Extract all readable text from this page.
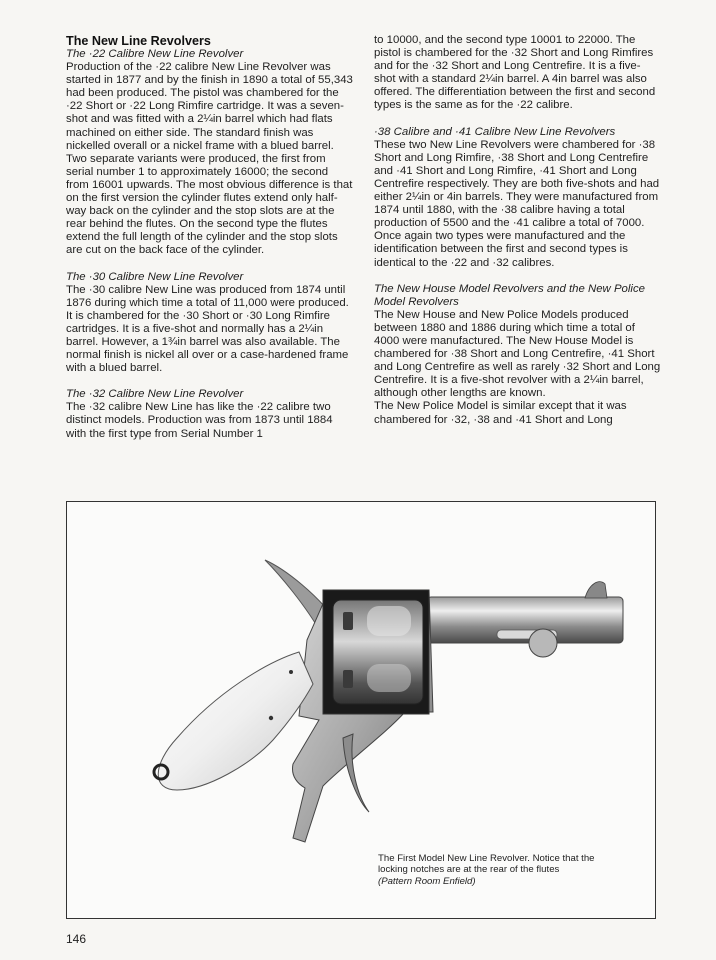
The New Line Revolvers

The ·22 Calibre New Line Revolver

Production of the ·22 calibre New Line Revolver was started in 1877 and by the finish in 1890 a total of 55,343 had been produced. The pistol was chambered for the ·22 Short or ·22 Long Rimfire cartridge. It was a seven-shot and was fitted with a 2¼in barrel which had flats machined on either side. The standard finish was nickelled overall or a nickel frame with a blued barrel. Two separate variants were produced, the first from serial number 1 to approximately 16000; the second from 16001 upwards. The most obvious difference is that on the first version the cylinder flutes extend only half-way back on the cylinder and the stop slots are at the rear behind the flutes. On the second type the flutes extend the full length of the cylinder and the stop slots are cut on the back face of the cylinder.

The ·30 Calibre New Line Revolver

The ·30 calibre New Line was produced from 1874 until 1876 during which time a total of 11,000 were produced. It is chambered for the ·30 Short or ·30 Long Rimfire cartridges. It is a five-shot and normally has a 2¼in barrel. However, a 1¾in barrel was also available. The normal finish is nickel all over or a case-hardened frame with a blued barrel.

The ·32 Calibre New Line Revolver

The ·32 calibre New Line has like the ·22 calibre two distinct models. Production was from 1873 until 1884 with the first type from Serial Number 1

to 10000, and the second type 10001 to 22000. The pistol is chambered for the ·32 Short and Long Rimfires and for the ·32 Short and Long Centrefire. It is a five-shot with a standard 2¼in barrel. A 4in barrel was also offered. The differentiation between the first and second types is the same as for the ·22 calibre.

·38 Calibre and ·41 Calibre New Line Revolvers

These two New Line Revolvers were chambered for ·38 Short and Long Rimfire, ·38 Short and Long Centrefire and ·41 Short and Long Rimfire, ·41 Short and Long Centrefire respectively. They are both five-shots and had either 2¼in or 4in barrels. They were manufactured from 1874 until 1880, with the ·38 calibre having a total production of 5500 and the ·41 calibre a total of 7000. Once again two types were manufactured and the identification between the first and second types is identical to the ·22 and ·32 calibres.

The New House Model Revolvers and the New Police Model Revolvers

The New House and New Police Models produced between 1880 and 1886 during which time a total of 4000 were manufactured. The New House Model is chambered for ·38 Short and Long Centrefire, ·41 Short and Long Centrefire as well as rarely ·32 Short and Long Centrefire. It is a five-shot revolver with a 2¼in barrel, although other lengths are known.

The New Police Model is similar except that it was chambered for ·32, ·38 and ·41 Short and Long

The First Model New Line Revolver. Notice that the locking notches are at the rear of the flutes
(Pattern Room Enfield)
146
